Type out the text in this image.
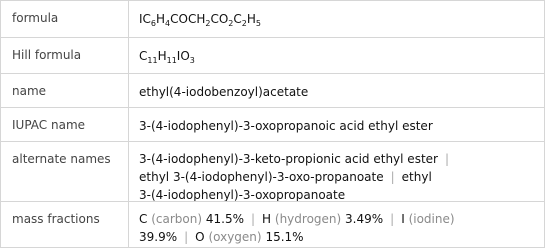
formula	$IC_6H_4COCH_2CO_2C_2H_5$
Hill formula	$C_{11}H_{11}IO_3$
name	ethyl(4-iodobenzoyl)acetate
IUPAC name	3-(4-iodophenyl)-3-oxopropanoic acid ethyl ester
alternate names	3-(4-iodophenyl)-3-keto-propionic acid ethyl ester |
ethyl 3-(4-iodophenyl)-3-oxo-propanoate | ethyl
3-(4-iodophenyl)-3-oxopropanoate
mass fractions	C (carbon) 41.5% | H (hydrogen) 3.49% | I (iodine)
39.9% | O (oxygen) 15.1%
